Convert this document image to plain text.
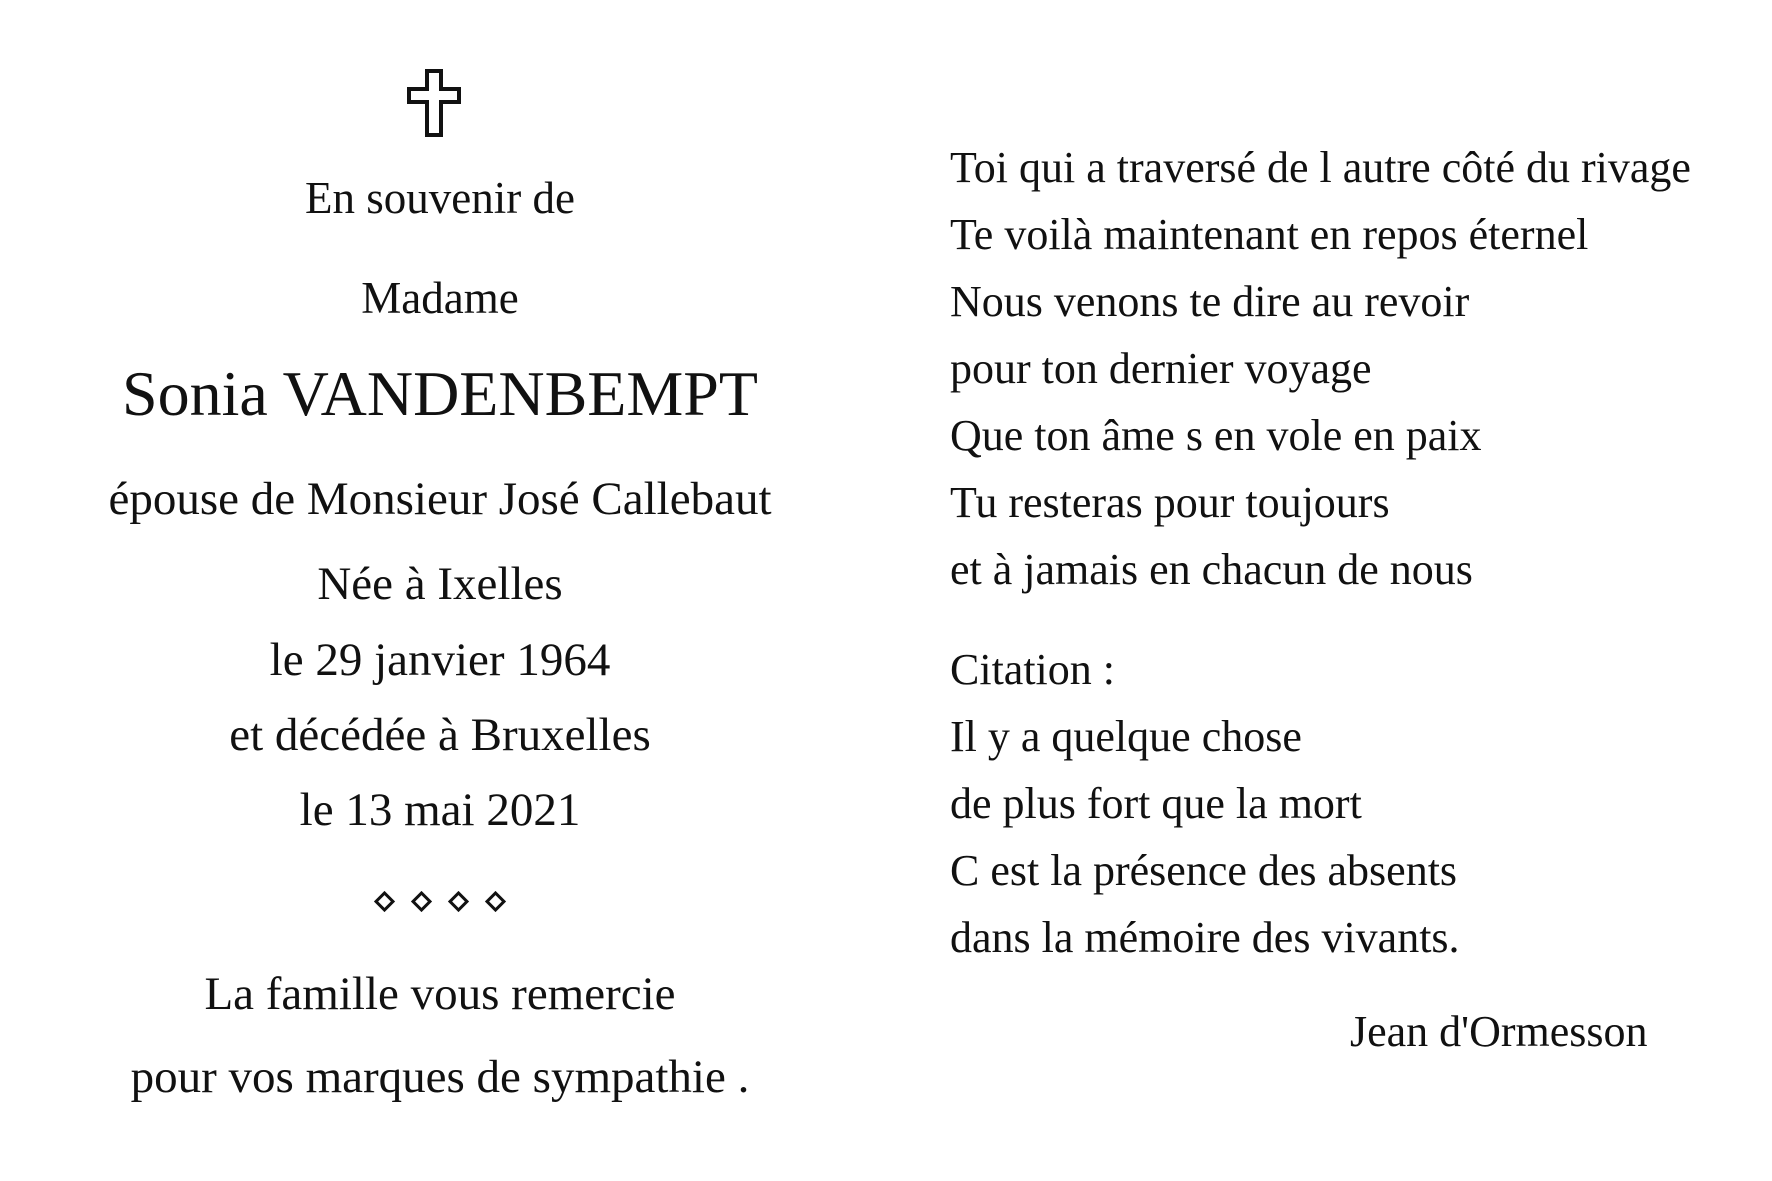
En souvenir de
Madame
Sonia VANDENBEMPT
épouse de Monsieur José Callebaut
Née à Ixelles
le 29 janvier 1964
et décédée à Bruxelles
le 13 mai 2021
La famille vous remercie
pour vos marques de sympathie .
Toi qui a traversé de l autre côté du rivage
Te voilà maintenant en repos éternel
Nous venons te dire au revoir
pour ton dernier voyage
Que ton âme s en vole en paix
Tu resteras pour toujours
et à jamais en chacun de nous
Citation :
Il y a quelque chose
de plus fort que la mort
C est la présence des absents
dans la mémoire des vivants.
Jean d'Ormesson
